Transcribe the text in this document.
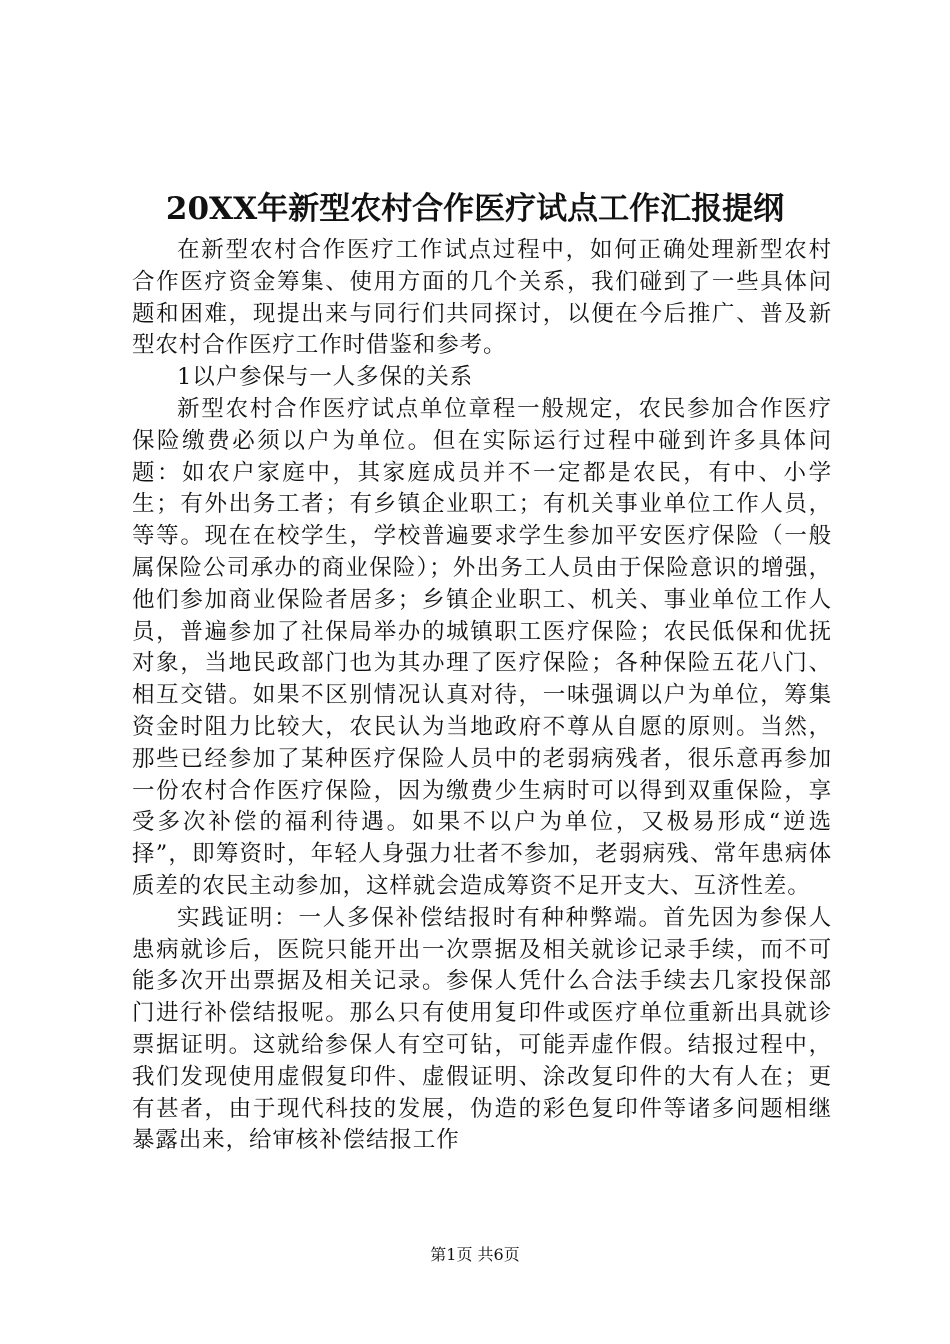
20XX年新型农村合作医疗试点工作汇报提纲

在新型农村合作医疗工作试点过程中，如何正确处理新型农村合作医疗资金筹集、使用方面的几个关系，我们碰到了一些具体问题和困难，现提出来与同行们共同探讨，以便在今后推广、普及新型农村合作医疗工作时借鉴和参考。

1以户参保与一人多保的关系

新型农村合作医疗试点单位章程一般规定，农民参加合作医疗保险缴费必须以户为单位。但在实际运行过程中碰到许多具体问题：如农户家庭中，其家庭成员并不一定都是农民，有中、小学生；有外出务工者；有乡镇企业职工；有机关事业单位工作人员，等等。现在在校学生，学校普遍要求学生参加平安医疗保险（一般属保险公司承办的商业保险）；外出务工人员由于保险意识的增强，他们参加商业保险者居多；乡镇企业职工、机关、事业单位工作人员，普遍参加了社保局举办的城镇职工医疗保险；农民低保和优抚对象，当地民政部门也为其办理了医疗保险；各种保险五花八门、相互交错。如果不区别情况认真对待，一味强调以户为单位，筹集资金时阻力比较大，农民认为当地政府不尊从自愿的原则。当然，那些已经参加了某种医疗保险人员中的老弱病残者，很乐意再参加一份农村合作医疗保险，因为缴费少生病时可以得到双重保险，享受多次补偿的福利待遇。如果不以户为单位，又极易形成“逆选择”，即筹资时，年轻人身强力壮者不参加，老弱病残、常年患病体质差的农民主动参加，这样就会造成筹资不足开支大、互济性差。

实践证明：一人多保补偿结报时有种种弊端。首先因为参保人患病就诊后，医院只能开出一次票据及相关就诊记录手续，而不可能多次开出票据及相关记录。参保人凭什么合法手续去几家投保部门进行补偿结报呢。那么只有使用复印件或医疗单位重新出具就诊票据证明。这就给参保人有空可钻，可能弄虚作假。结报过程中，我们发现使用虚假复印件、虚假证明、涂改复印件的大有人在；更有甚者，由于现代科技的发展，伪造的彩色复印件等诸多问题相继暴露出来，给审核补偿结报工作

第1页 共6页
